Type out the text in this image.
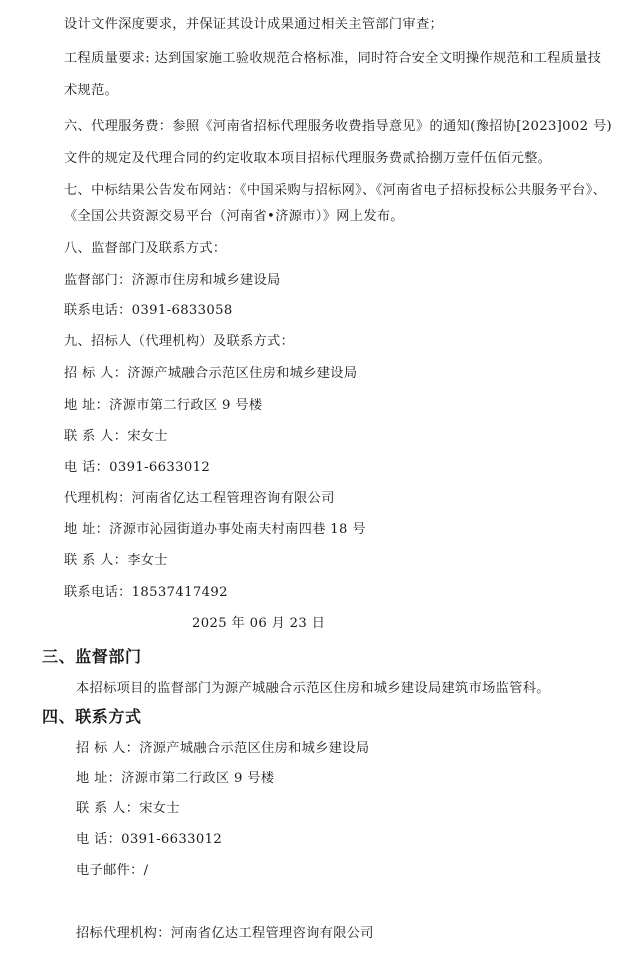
设计文件深度要求，并保证其设计成果通过相关主管部门审查；
工程质量要求: 达到国家施工验收规范合格标准，同时符合安全文明操作规范和工程质量技
术规范。
六、代理服务费：参照《河南省招标代理服务收费指导意见》的通知(豫招协[2023]002 号)
文件的规定及代理合同的约定收取本项目招标代理服务费贰拾捌万壹仟伍佰元整。
七、中标结果公告发布网站：《中国采购与招标网》、《河南省电子招标投标公共服务平台》、
《全国公共资源交易平台（河南省•济源市）》网上发布。
八、监督部门及联系方式：
监督部门：济源市住房和城乡建设局
联系电话：0391-6833058
九、招标人（代理机构）及联系方式：
招 标 人：济源产城融合示范区住房和城乡建设局
地 址：济源市第二行政区 9 号楼
联 系 人：宋女士
电 话：0391-6633012
代理机构：河南省亿达工程管理咨询有限公司
地 址：济源市沁园街道办事处南夫村南四巷 18 号
联 系 人：李女士
联系电话：18537417492
2025 年 06 月 23 日
三、监督部门
本招标项目的监督部门为源产城融合示范区住房和城乡建设局建筑市场监管科。
四、联系方式
招 标 人：济源产城融合示范区住房和城乡建设局
地 址：济源市第二行政区 9 号楼
联 系 人：宋女士
电 话：0391-6633012
电子邮件：/
招标代理机构：河南省亿达工程管理咨询有限公司
